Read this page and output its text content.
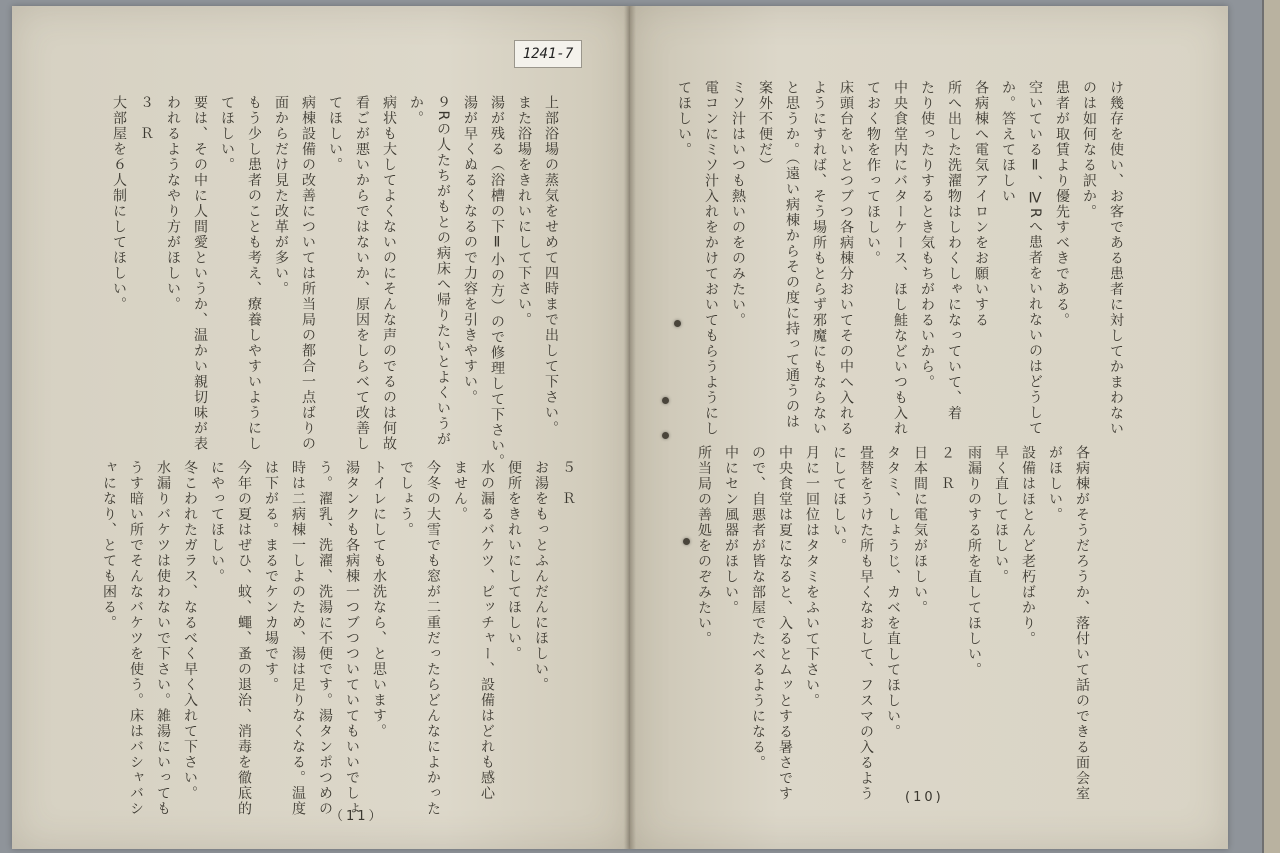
1241-7
け幾存を使い、お客である患者に対してかまわない
のは如何なる訳か。
患者が取賃より優先すべきである。
空いているⅡ、ⅣRへ患者をいれないのはどうして
か。答えてほしい
各病棟へ電気アイロンをお願いする
所へ出した洗濯物はしわくしゃになっていて、着
たり使ったりするとき気もちがわるいから。
中央食堂内にバターケース、ほし鮭などいつも入れ
ておく物を作ってほしい。
床頭台をいとつブつ各病棟分おいてその中へ入れる
ようにすれば、そう場所もとらず邪魔にもならない
と思うか。（遠い病棟からその度に持って通うのは
案外不便だ）
ミソ汁はいつも熱いのをのみたい。
電コンにミソ汁入れをかけておいてもらうようにし
てほしい。
各病棟がそうだろうか、落付いて話のできる面会室
がほしい。
設備はほとんど老朽ばかり。
早く直してほしい。
雨漏りのする所を直してほしい。
２　Ｒ
日本間に電気がほしい。
タタミ、しょうじ、カベを直してほしい。
畳替をうけた所も早くなおして、フスマの入るよう
にしてほしい。
月に一回位はタタミをふいて下さい。
中央食堂は夏になると、入るとムッとする暑さです
ので、自悪者が皆な部屋でたべるようになる。
中にセン風器がほしい。
所当局の善処をのぞみたい。
(10)
上部浴場の蒸気をせめて四時まで出して下さい。
また浴場をきれいにして下さい。
湯が残る（浴槽の下Ⅱ小の方）ので修理して下さい。
湯が早くぬるくなるので力容を引きやすい。
９Rの人たちがもとの病床へ帰りたいとよくいうが
か。
病状も大してよくないのにそんな声のでるのは何故
看ごが悪いからではないか、原因をしらべて改善し
てほしい。
病棟設備の改善については所当局の都合一点ばりの
面からだけ見た改革が多い。
もう少し患者のことも考え、療養しやすいようにし
てほしい。
要は、その中に人間愛というか、温かい親切味が表
われるようなやり方がほしい。
３　Ｒ
大部屋を６人制にしてほしい。
５　Ｒ
お湯をもっとふんだんにほしい。
便所をきれいにしてほしい。
水の漏るバケツ、ピッチャー、設備はどれも感心
ません。
今冬の大雪でも窓が二重だったらどんなによかった
でしょう。
トイレにしても水洗なら、と思います。
湯タンクも各病棟一つブつついていてもいいでしょ
う。濯乳、洗濯、洗湯に不便です。湯タンポつめの
時は二病棟一しよのため、湯は足りなくなる。温度
は下がる。まるでケンカ場です。
今年の夏はぜひ、蚊、蠅、蚤の退治、消毒を徹底的
にやってほしい。
冬こわれたガラス、なるべく早く入れて下さい。
水漏りバケツは使わないで下さい。雑湯にいっても
うす暗い所でそんなバケツを使う。床はバシャバシ
ャになり、とても困る。
（11）
